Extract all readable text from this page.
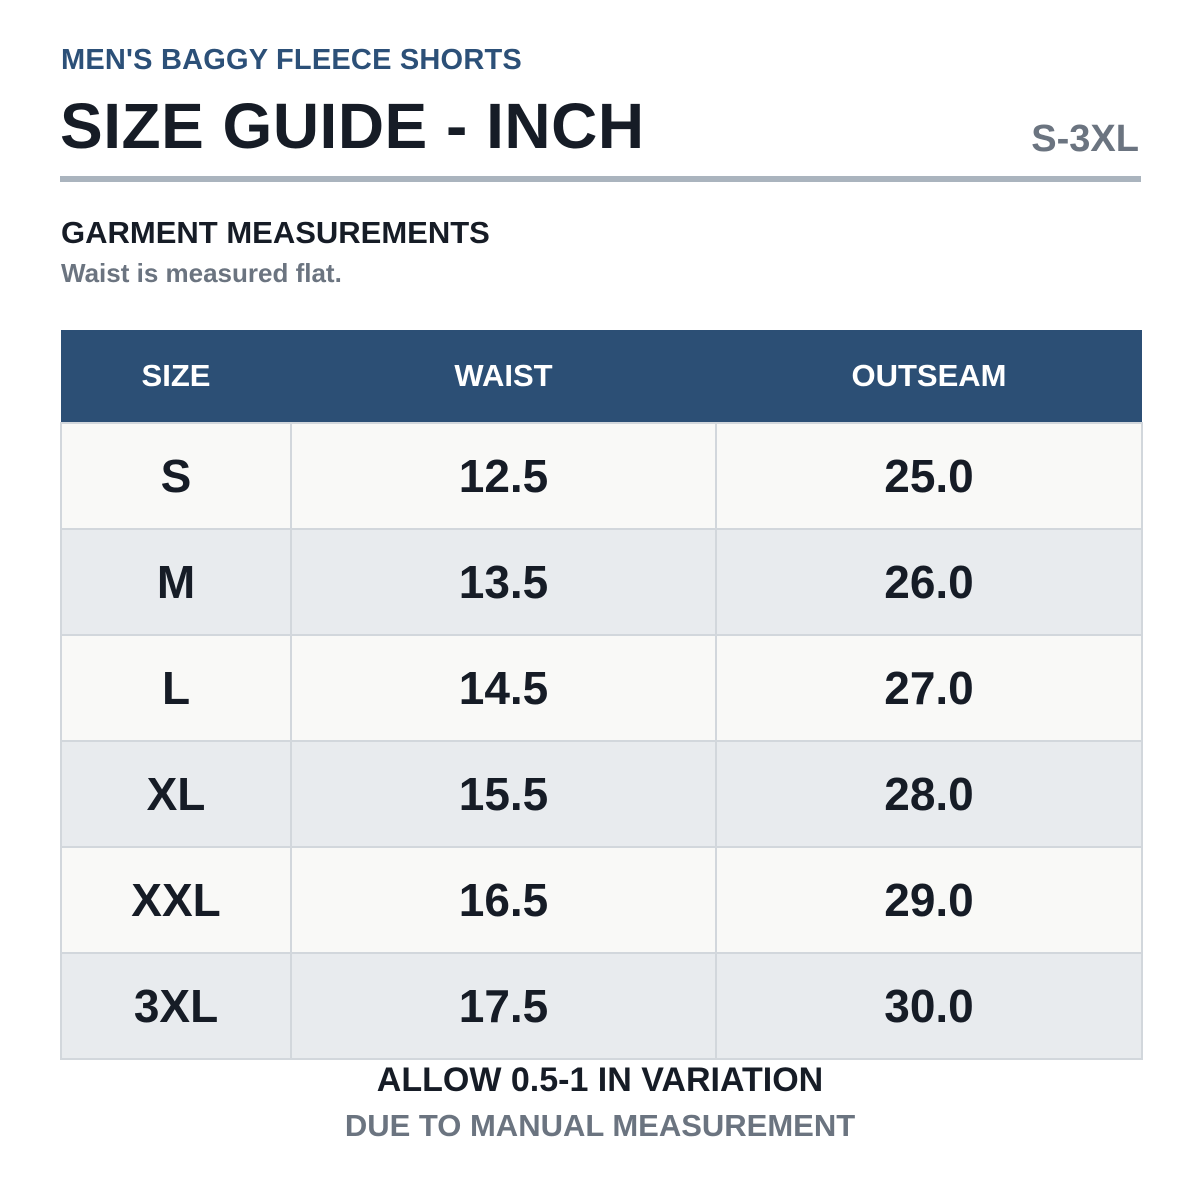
MEN'S BAGGY FLEECE SHORTS
SIZE GUIDE - INCH	S-3XL
GARMENT MEASUREMENTS
Waist is measured flat.
SIZE	WAIST	OUTSEAM
S	12.5	25.0
M	13.5	26.0
L	14.5	27.0
XL	15.5	28.0
XXL	16.5	29.0
3XL	17.5	30.0
ALLOW 0.5-1 IN VARIATION
DUE TO MANUAL MEASUREMENT
